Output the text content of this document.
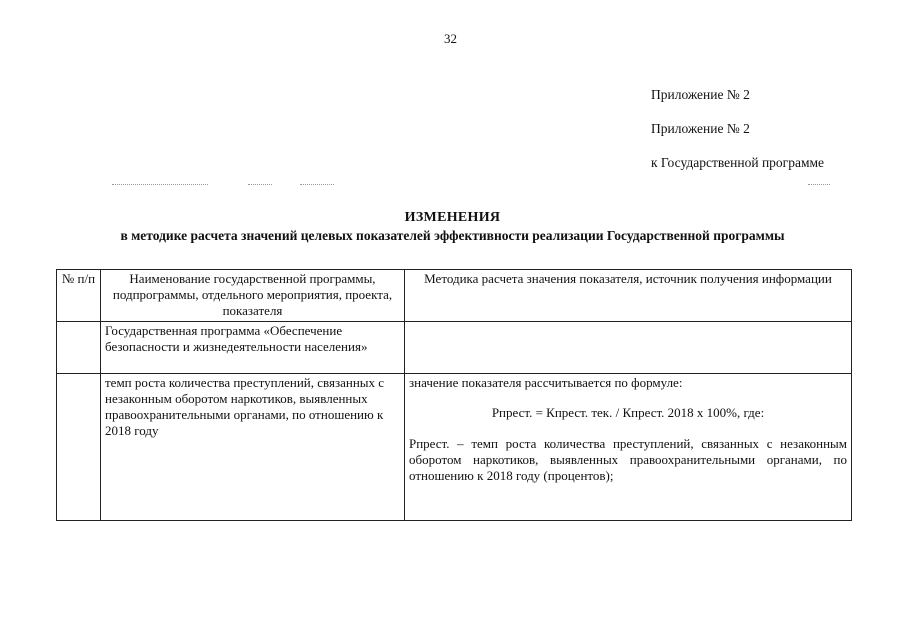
32
Приложение № 2
Приложение № 2
к Государственной программе
ИЗМЕНЕНИЯ
в методике расчета значений целевых показателей эффективности реализации Государственной программы
№ п/п	Наименование государственной программы, подпрограммы, отдельного мероприятия, проекта, показателя	Методика расчета значения показателя, источник получения информации
	Государственная программа «Обеспечение безопасности и жизнедеятельности населения»	
	темп роста количества преступлений, связанных с незаконным оборотом наркотиков, выявленных правоохранительными органами, по отношению к 2018 году	значение показателя рассчитывается по формуле:
Рпрест. = Кпрест. тек. / Кпрест. 2018 х 100%, где:
Рпрест. – темп роста количества преступлений, связанных с незаконным оборотом наркотиков, выявленных правоохранительными органами, по отношению к 2018 году (процентов);
